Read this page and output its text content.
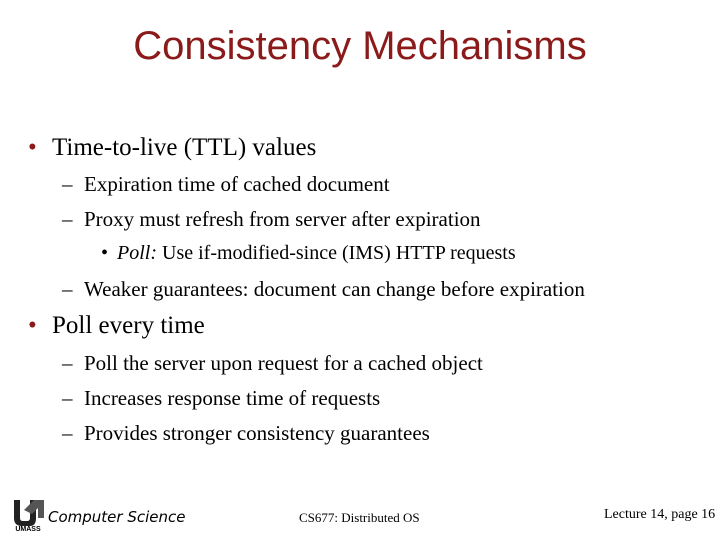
Consistency Mechanisms
• Time-to-live (TTL) values
– Expiration time of cached document
– Proxy must refresh from server after expiration
• Poll: Use if-modified-since (IMS) HTTP requests
– Weaker guarantees: document can change before expiration
• Poll every time
– Poll the server upon request for a cached object
– Increases response time of requests
– Provides stronger consistency guarantees
UMASS
Computer Science	CS677: Distributed OS	Lecture 14, page 16
